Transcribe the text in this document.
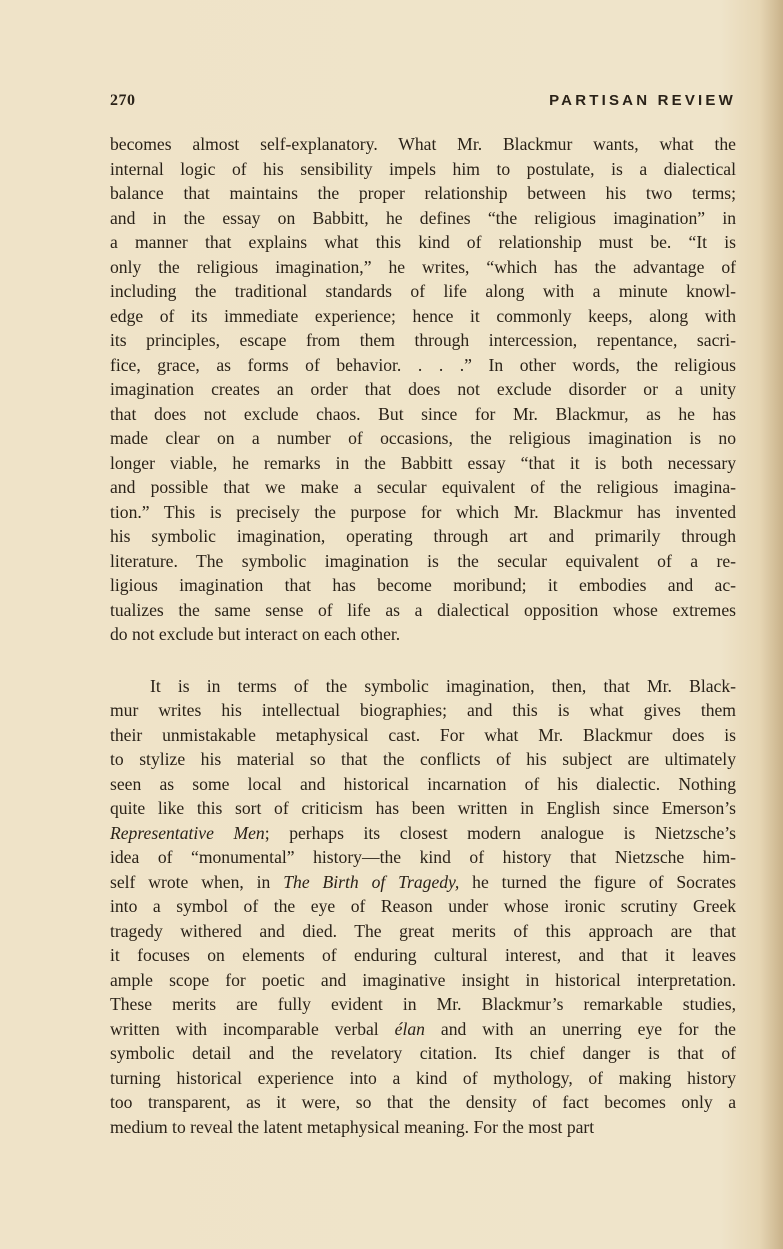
270	PARTISAN REVIEW
becomes almost self-explanatory. What Mr. Blackmur wants, what the
internal logic of his sensibility impels him to postulate, is a dialectical
balance that maintains the proper relationship between his two terms;
and in the essay on Babbitt, he defines “the religious imagination” in
a manner that explains what this kind of relationship must be. “It is
only the religious imagination,” he writes, “which has the advantage of
including the traditional standards of life along with a minute knowl-
edge of its immediate experience; hence it commonly keeps, along with
its principles, escape from them through intercession, repentance, sacri-
fice, grace, as forms of behavior. . . .” In other words, the religious
imagination creates an order that does not exclude disorder or a unity
that does not exclude chaos. But since for Mr. Blackmur, as he has
made clear on a number of occasions, the religious imagination is no
longer viable, he remarks in the Babbitt essay “that it is both necessary
and possible that we make a secular equivalent of the religious imagina-
tion.” This is precisely the purpose for which Mr. Blackmur has invented
his symbolic imagination, operating through art and primarily through
literature. The symbolic imagination is the secular equivalent of a re-
ligious imagination that has become moribund; it embodies and ac-
tualizes the same sense of life as a dialectical opposition whose extremes
do not exclude but interact on each other.
It is in terms of the symbolic imagination, then, that Mr. Black-
mur writes his intellectual biographies; and this is what gives them
their unmistakable metaphysical cast. For what Mr. Blackmur does is
to stylize his material so that the conflicts of his subject are ultimately
seen as some local and historical incarnation of his dialectic. Nothing
quite like this sort of criticism has been written in English since Emerson’s
Representative Men; perhaps its closest modern analogue is Nietzsche’s
idea of “monumental” history—the kind of history that Nietzsche him-
self wrote when, in The Birth of Tragedy, he turned the figure of Socrates
into a symbol of the eye of Reason under whose ironic scrutiny Greek
tragedy withered and died. The great merits of this approach are that
it focuses on elements of enduring cultural interest, and that it leaves
ample scope for poetic and imaginative insight in historical interpretation.
These merits are fully evident in Mr. Blackmur’s remarkable studies,
written with incomparable verbal élan and with an unerring eye for the
symbolic detail and the revelatory citation. Its chief danger is that of
turning historical experience into a kind of mythology, of making history
too transparent, as it were, so that the density of fact becomes only a
medium to reveal the latent metaphysical meaning. For the most part
